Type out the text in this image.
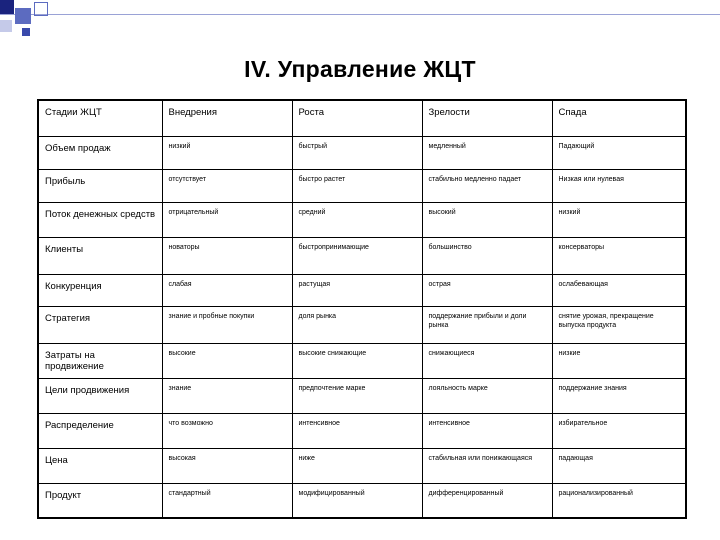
IV. Управление ЖЦТ
Стадии ЖЦТ	Внедрения	Роста	Зрелости	Спада
Объем продаж	низкий	быстрый	медленный	Падающий
Прибыль	отсутствует	быстро растет	стабильно медленно падает	Низкая или нулевая
Поток денежных средств	отрицательный	средний	высокий	низкий
Клиенты	новаторы	быстропринимающие	большинство	консерваторы
Конкуренция	слабая	растущая	острая	ослабевающая
Стратегия	знание и пробные покупки	доля рынка	поддержание прибыли и доли рынка	снятие урожая, прекращение выпуска продукта
Затраты на продвижение	высокие	высокие снижающие	снижающиеся	низкие
Цели продвижения	знание	предпочтение марке	лояльность марке	поддержание знания
Распределение	что возможно	интенсивное	интенсивное	избирательное
Цена	высокая	ниже	стабильная или понижающаяся	падающая
Продукт	стандартный	модифицированный	дифференцированный	рационализированный
